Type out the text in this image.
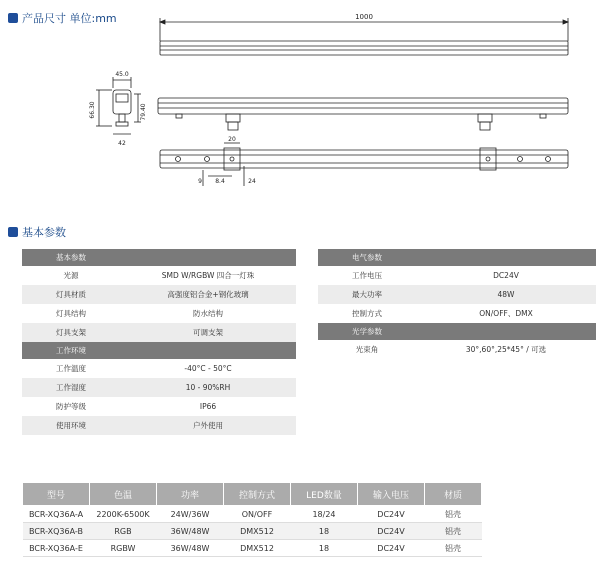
产品尺寸 单位:mm	1000
45.0
66.30	79.40
42
20
9 8.4	24
基本参数
基本参数	
光源	SMD W/RGBW 四合一灯珠
灯具材质	高强度铝合金+钢化玻璃
灯具结构	防水结构
灯具支架	可调支架
工作环境	
工作温度	-40°C - 50°C
工作湿度	10 - 90%RH
防护等级	IP66
使用环境	户外使用
电气参数	
工作电压	DC24V
最大功率	48W
控制方式	ON/OFF、DMX
光学参数	
光束角	30°,60°,25*45° / 可选
型号	色温	功率	控制方式	LED数量	输入电压	材质
BCR-XQ36A-A	2200K-6500K	24W/36W	ON/OFF	18/24	DC24V	铝壳
BCR-XQ36A-B	RGB	36W/48W	DMX512	18	DC24V	铝壳
BCR-XQ36A-E	RGBW	36W/48W	DMX512	18	DC24V	铝壳
